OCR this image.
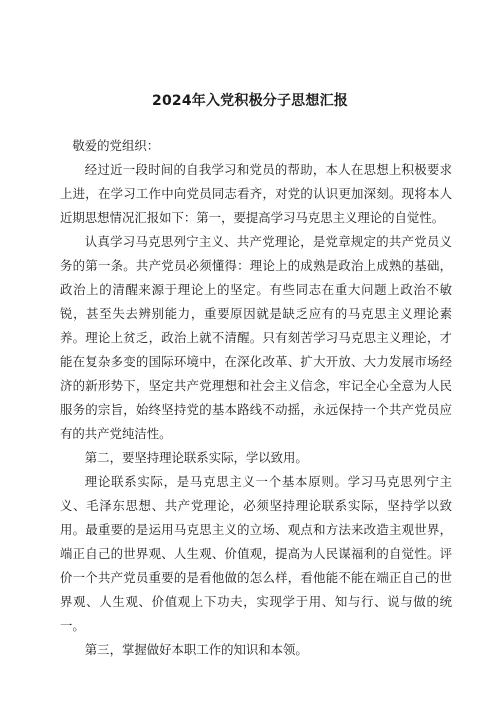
2024年入党积极分子思想汇报

敬爱的党组织：

经过近一段时间的自我学习和党员的帮助，本人在思想上积极要求上进，在学习工作中向党员同志看齐，对党的认识更加深刻。现将本人近期思想情况汇报如下：第一，要提高学习马克思主义理论的自觉性。

认真学习马克思列宁主义、共产党理论，是党章规定的共产党员义务的第一条。共产党员必须懂得：理论上的成熟是政治上成熟的基础，政治上的清醒来源于理论上的坚定。有些同志在重大问题上政治不敏锐，甚至失去辨别能力，重要原因就是缺乏应有的马克思主义理论素养。理论上贫乏，政治上就不清醒。只有刻苦学习马克思主义理论，才能在复杂多变的国际环境中，在深化改革、扩大开放、大力发展市场经济的新形势下，坚定共产党理想和社会主义信念，牢记全心全意为人民服务的宗旨，始终坚持党的基本路线不动摇，永远保持一个共产党员应有的共产党纯洁性。

第二，要坚持理论联系实际，学以致用。

理论联系实际，是马克思主义一个基本原则。学习马克思列宁主义、毛泽东思想、共产党理论，必须坚持理论联系实际，坚持学以致用。最重要的是运用马克思主义的立场、观点和方法来改造主观世界，端正自己的世界观、人生观、价值观，提高为人民谋福利的自觉性。评价一个共产党员重要的是看他做的怎么样，看他能不能在端正自己的世界观、人生观、价值观上下功夫，实现学于用、知与行、说与做的统一。

第三，掌握做好本职工作的知识和本领。
